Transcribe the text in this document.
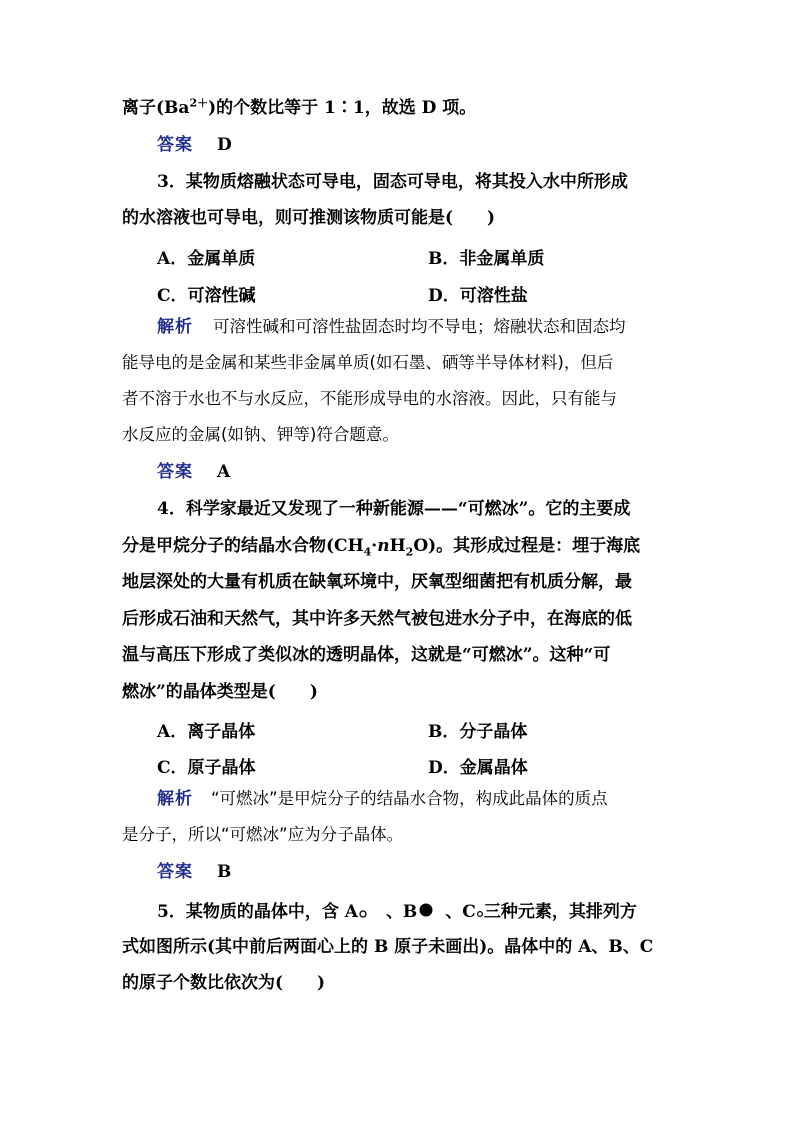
离子$(Ba^{2+})$的个数比等于 1∶1，故选 D 项。
答案 D
3．某物质熔融状态可导电，固态可导电，将其投入水中所形成
的水溶液也可导电，则可推测该物质可能是(　　)
A．金属单质	B．非金属单质
C．可溶性碱	D．可溶性盐
解析 可溶性碱和可溶性盐固态时均不导电；熔融状态和固态均
能导电的是金属和某些非金属单质(如石墨、硒等半导体材料)，但后
者不溶于水也不与水反应，不能形成导电的水溶液。因此，只有能与
水反应的金属(如钠、钾等)符合题意。
答案 A
4．科学家最近又发现了一种新能源——“可燃冰”。它的主要成
分是甲烷分子的结晶水合物$(CH_4\cdot nH_2O)$。其形成过程是：埋于海底
地层深处的大量有机质在缺氧环境中，厌氧型细菌把有机质分解，最
后形成石油和天然气，其中许多天然气被包进水分子中，在海底的低
温与高压下形成了类似冰的透明晶体，这就是“可燃冰”。这种“可
燃冰”的晶体类型是(　　)
A．离子晶体	B．分子晶体
C．原子晶体	D．金属晶体
解析 “可燃冰”是甲烷分子的结晶水合物，构成此晶体的质点
是分子，所以“可燃冰”应为分子晶体。
答案 B
5．某物质的晶体中，含 A 、B 、C 三种元素，其排列方
式如图所示(其中前后两面心上的 B 原子未画出)。晶体中的 A、B、C
的原子个数比依次为(　　)
